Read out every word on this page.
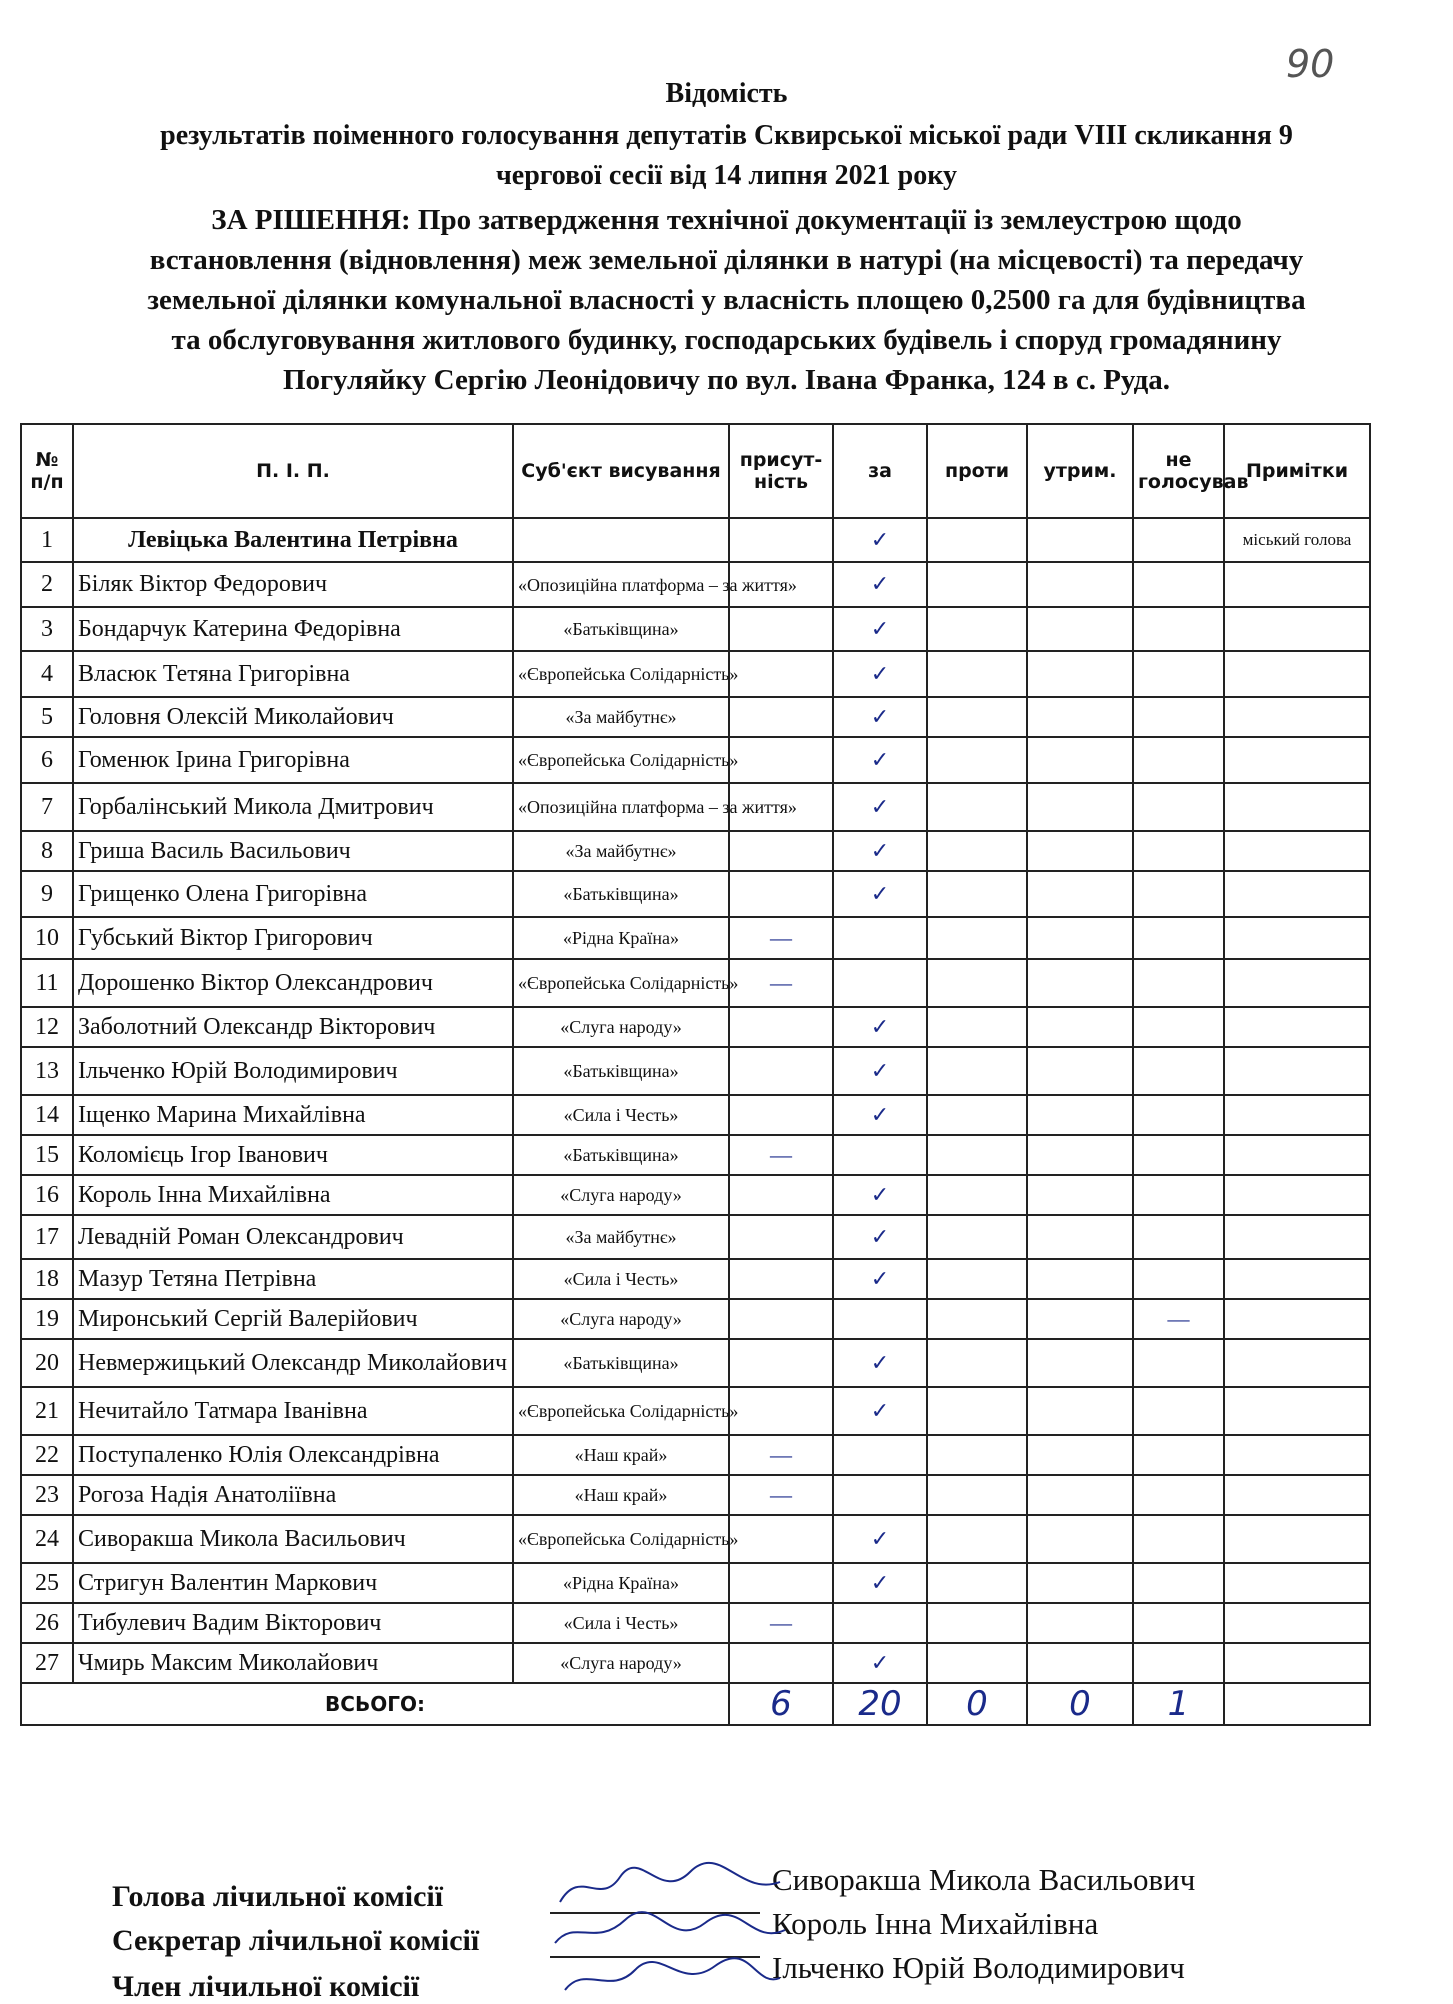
90
Відомість
результатів поіменного голосування депутатів Сквирської міської ради VIII скликання 9
чергової сесії від 14 липня 2021 року
ЗА РІШЕННЯ: Про затвердження технічної документації із землеустрою щодо
встановлення (відновлення) меж земельної ділянки в натурі (на місцевості) та передачу
земельної ділянки комунальної власності у власність площею 0,2500 га для будівництва
та обслуговування житлового будинку, господарських будівель і споруд громадянину
Погуляйку Сергію Леонідовичу по вул. Івана Франка, 124 в с. Руда.
№ п/п	П. І. П.	Суб'єкт висування	присут-ність	за	проти	утрим.	не голосував	Примітки
1	Левіцька Валентина Петрівна			✓				міський голова
2	Біляк Віктор Федорович	«Опозиційна платформа – за життя»		✓				
3	Бондарчук Катерина Федорівна	«Батьківщина»		✓				
4	Власюк Тетяна Григорівна	«Європейська Солідарність»		✓				
5	Головня Олексій Миколайович	«За майбутнє»		✓				
6	Гоменюк Ірина Григорівна	«Європейська Солідарність»		✓				
7	Горбалінський Микола Дмитрович	«Опозиційна платформа – за життя»		✓				
8	Гриша Василь Васильович	«За майбутнє»		✓				
9	Грищенко Олена Григорівна	«Батьківщина»		✓				
10	Губський Віктор Григорович	«Рідна Країна»	—					
11	Дорошенко Віктор Олександрович	«Європейська Солідарність»	—					
12	Заболотний Олександр Вікторович	«Слуга народу»		✓				
13	Ільченко Юрій Володимирович	«Батьківщина»		✓				
14	Іщенко Марина Михайлівна	«Сила і Честь»		✓				
15	Коломієць Ігор Іванович	«Батьківщина»	—					
16	Король Інна Михайлівна	«Слуга народу»		✓				
17	Левадній Роман Олександрович	«За майбутнє»		✓				
18	Мазур Тетяна Петрівна	«Сила і Честь»		✓				
19	Миронський Сергій Валерійович	«Слуга народу»					—	
20	Невмержицький Олександр Миколайович	«Батьківщина»		✓				
21	Нечитайло Татмара Іванівна	«Європейська Солідарність»		✓				
22	Поступаленко Юлія Олександрівна	«Наш край»	—					
23	Рогоза Надія Анатоліївна	«Наш край»	—					
24	Сиворакша Микола Васильович	«Європейська Солідарність»		✓				
25	Стригун Валентин Маркович	«Рідна Країна»		✓				
26	Тибулевич Вадим Вікторович	«Сила і Честь»	—					
27	Чмирь Максим Миколайович	«Слуга народу»		✓				
ВСЬОГО:			6	20	0	0	1	
Голова лічильної комісії	Сиворакша Микола Васильович
Секретар лічильної комісії	Король Інна Михайлівна
Член лічильної комісії
Ільченко Юрій Володимирович
